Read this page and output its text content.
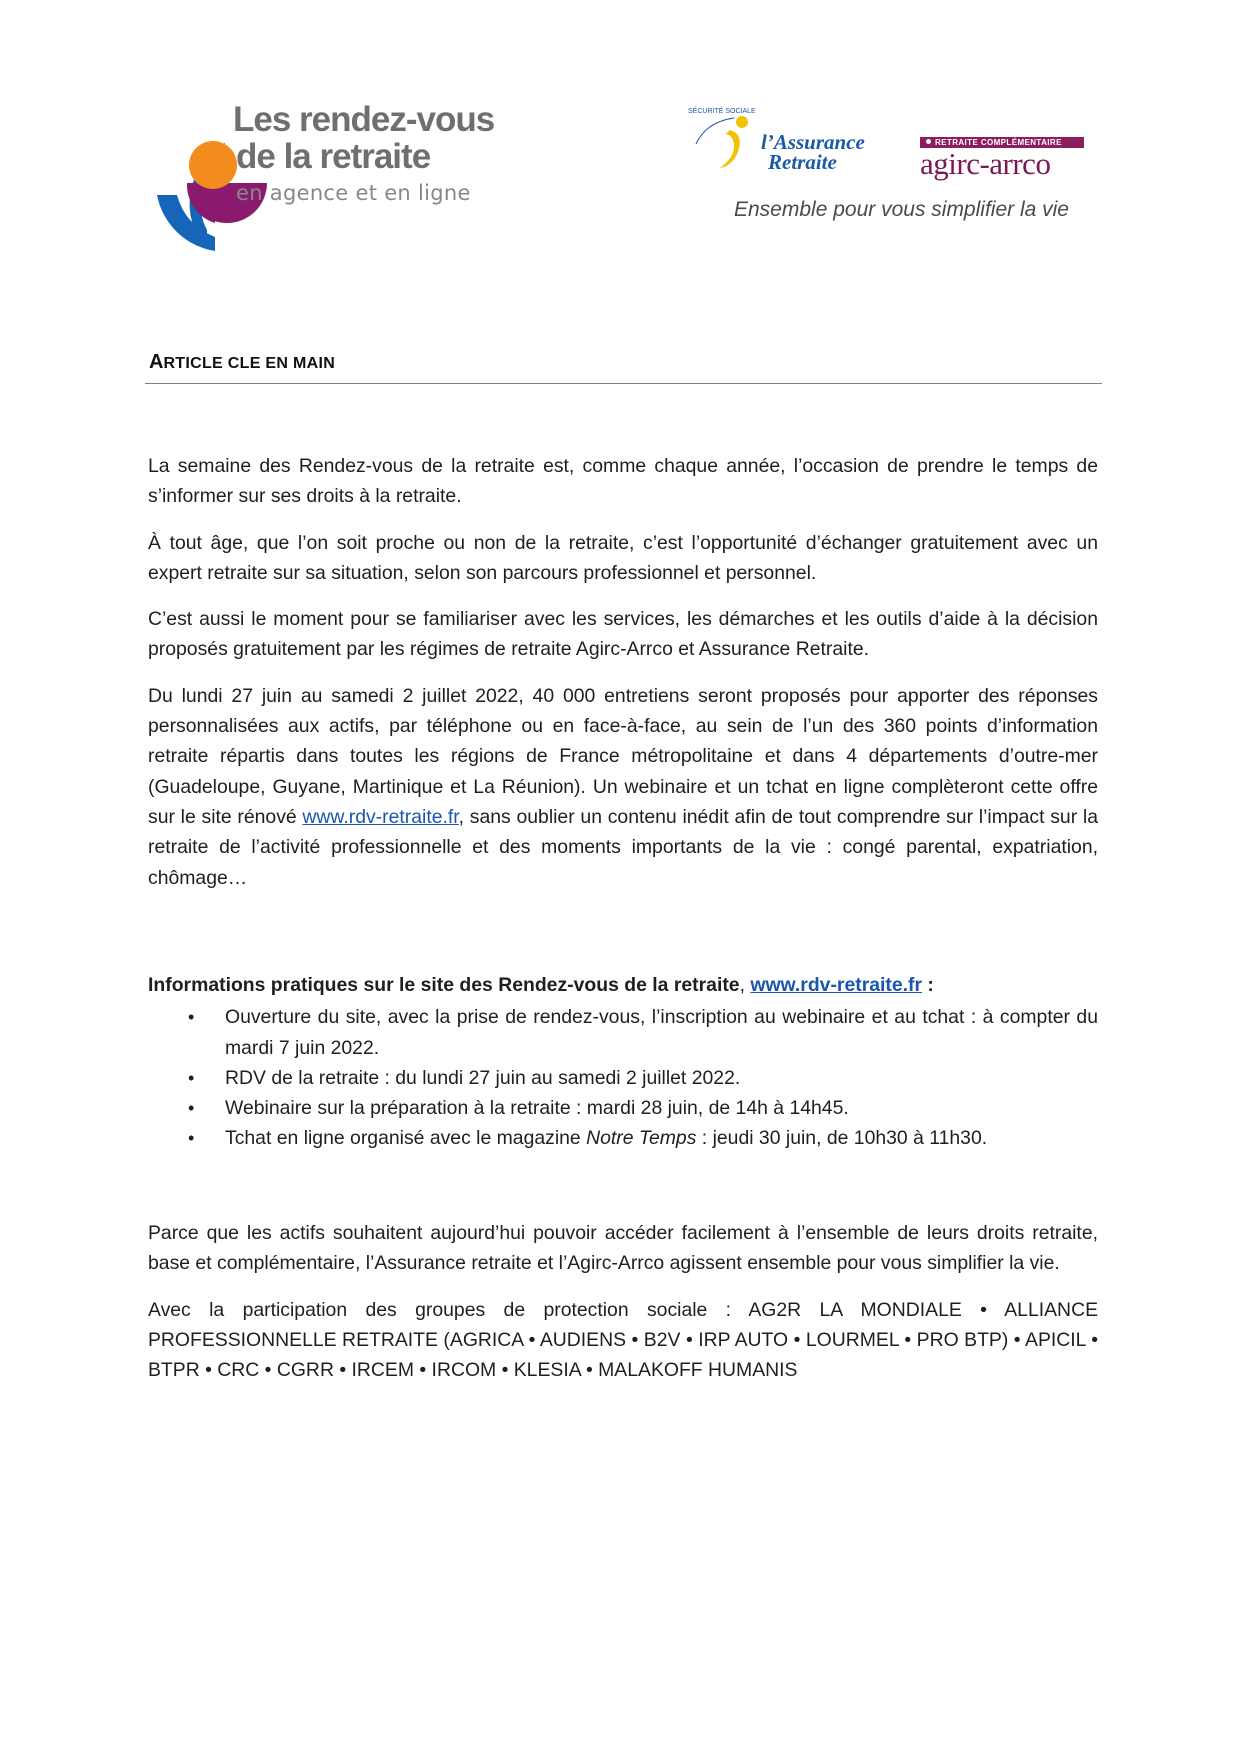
Les rendez-vous
de la retraite
en agence et en ligne
SÉCURITÉ SOCIALE
l’Assurance
Retraite
RETRAITE COMPLÉMENTAIRE
agirc-arrco
Ensemble pour vous simplifier la vie
ARTICLE CLE EN MAIN

La semaine des Rendez-vous de la retraite est, comme chaque année, l’occasion de prendre le temps de s’informer sur ses droits à la retraite.

À tout âge, que l’on soit proche ou non de la retraite, c’est l’opportunité d’échanger gratuitement avec un expert retraite sur sa situation, selon son parcours professionnel et personnel.

C’est aussi le moment pour se familiariser avec les services, les démarches et les outils d’aide à la décision proposés gratuitement par les régimes de retraite Agirc-Arrco et Assurance Retraite.

Du lundi 27 juin au samedi 2 juillet 2022, 40 000 entretiens seront proposés pour apporter des réponses personnalisées aux actifs, par téléphone ou en face-à-face, au sein de l’un des 360 points d’information retraite répartis dans toutes les régions de France métropolitaine et dans 4 départements d’outre-mer (Guadeloupe, Guyane, Martinique et La Réunion). Un webinaire et un tchat en ligne complèteront cette offre sur le site rénové www.rdv-retraite.fr, sans oublier un contenu inédit afin de tout comprendre sur l’impact sur la retraite de l’activité professionnelle et des moments importants de la vie : congé parental, expatriation, chômage…

Informations pratiques sur le site des Rendez-vous de la retraite, www.rdv-retraite.fr :

• Ouverture du site, avec la prise de rendez-vous, l’inscription au webinaire et au tchat : à compter du mardi 7 juin 2022.
• RDV de la retraite : du lundi 27 juin au samedi 2 juillet 2022.
• Webinaire sur la préparation à la retraite : mardi 28 juin, de 14h à 14h45.
• Tchat en ligne organisé avec le magazine Notre Temps : jeudi 30 juin, de 10h30 à 11h30.

Parce que les actifs souhaitent aujourd’hui pouvoir accéder facilement à l’ensemble de leurs droits retraite, base et complémentaire, l’Assurance retraite et l’Agirc-Arrco agissent ensemble pour vous simplifier la vie.

Avec la participation des groupes de protection sociale : AG2R LA MONDIALE • ALLIANCE PROFESSIONNELLE RETRAITE (AGRICA • AUDIENS • B2V • IRP AUTO • LOURMEL • PRO BTP) • APICIL • BTPR • CRC • CGRR • IRCEM • IRCOM • KLESIA • MALAKOFF HUMANIS
